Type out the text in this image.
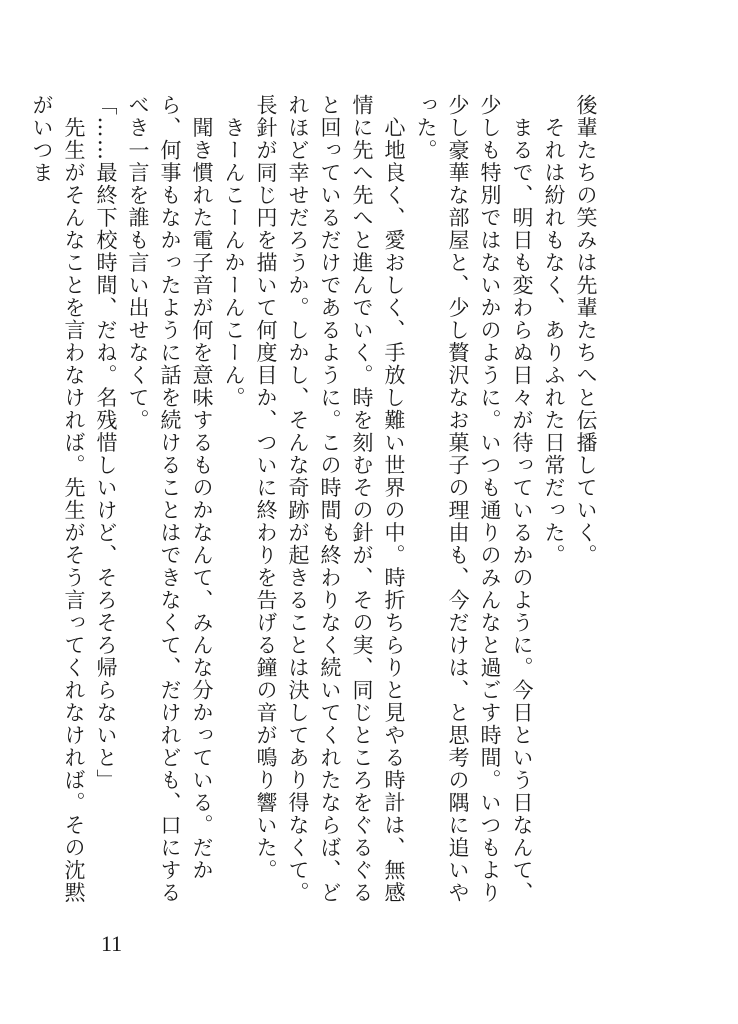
後輩たちの笑みは先輩たちへと伝播していく。

　それは紛れもなく、ありふれた日常だった。

　まるで、明日も変わらぬ日々が待っているかのように。今日という日なんて、少しも特別ではないかのように。いつも通りのみんなと過ごす時間。いつもより少し豪華な部屋と、少し贅沢なお菓子の理由も、今だけは、と思考の隅に追いやった。

　心地良く、愛おしく、手放し難い世界の中。時折ちらりと見やる時計は、無感情に先へ先へと進んでいく。時を刻むその針が、その実、同じところをぐるぐると回っているだけであるように。この時間も終わりなく続いてくれたならば、どれほど幸せだろうか。しかし、そんな奇跡が起きることは決してあり得なくて。長針が同じ円を描いて何度目か、ついに終わりを告げる鐘の音が鳴り響いた。

　きーんこーんかーんこーん。

　聞き慣れた電子音が何を意味するものかなんて、みんな分かっている。だから、何事もなかったように話を続けることはできなくて、だけれども、口にするべき一言を誰も言い出せなくて。

「……最終下校時間、だね。名残惜しいけど、そろそろ帰らないと」

　先生がそんなことを言わなければ。先生がそう言ってくれなければ。その沈黙がいつま

11
